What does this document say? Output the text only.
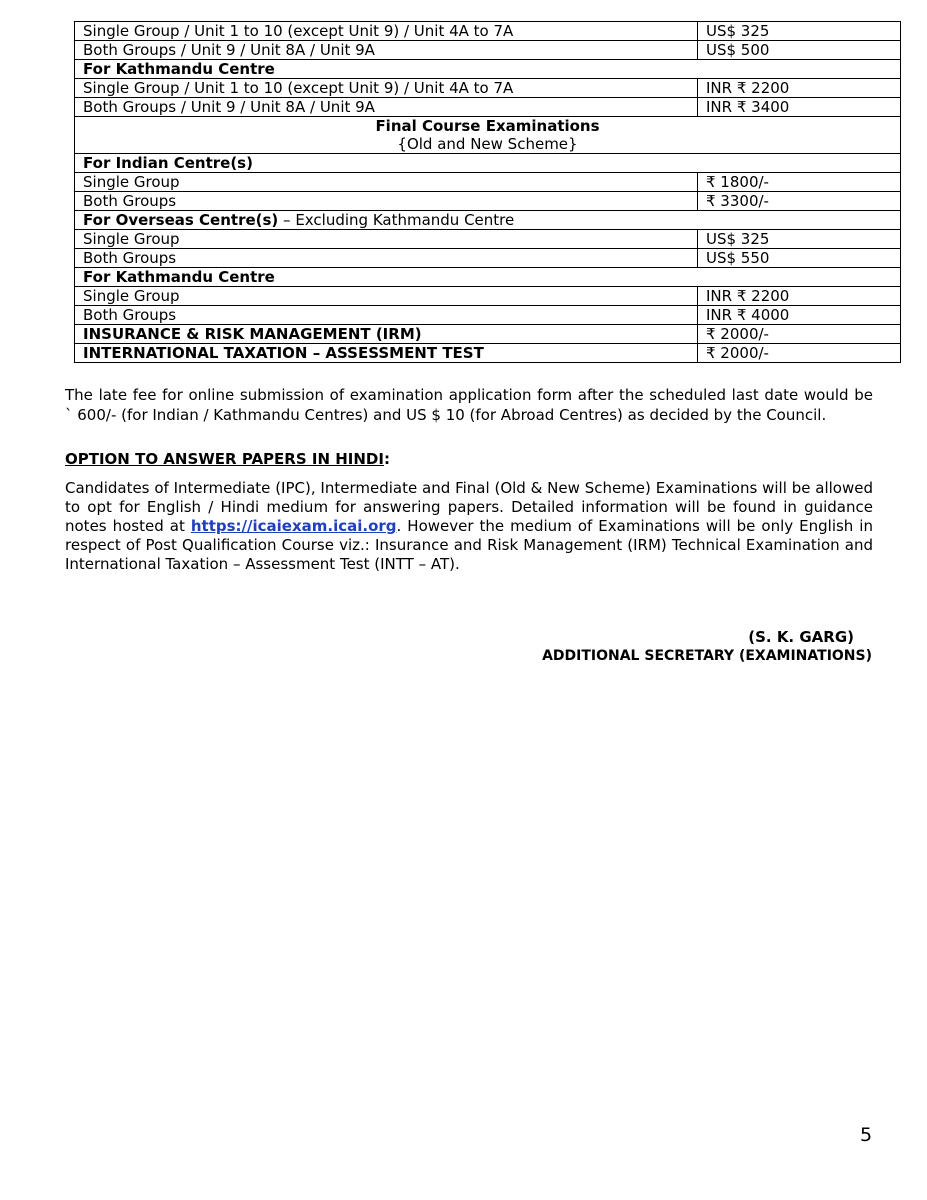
Single Group / Unit 1 to 10 (except Unit 9) / Unit 4A to 7A	US$ 325
Both Groups / Unit 9 / Unit 8A / Unit 9A	US$ 500
For Kathmandu Centre	
Single Group / Unit 1 to 10 (except Unit 9) / Unit 4A to 7A	INR ₹ 2200
Both Groups / Unit 9 / Unit 8A / Unit 9A	INR ₹ 3400

Final Course Examinations
{Old and New Scheme}	

For Indian Centre(s)	
Single Group	₹ 1800/-
Both Groups	₹ 3300/-
For Overseas Centre(s) – Excluding Kathmandu Centre	
Single Group	US$ 325
Both Groups	US$ 550
For Kathmandu Centre	
Single Group	INR ₹ 2200
Both Groups	INR ₹ 4000
INSURANCE & RISK MANAGEMENT (IRM)	₹ 2000/-
INTERNATIONAL TAXATION – ASSESSMENT TEST	₹ 2000/-

The late fee for online submission of examination application form after the scheduled last date would be
` 600/- (for Indian / Kathmandu Centres) and US $ 10 (for Abroad Centres) as decided by the Council.

OPTION TO ANSWER PAPERS IN HINDI:

Candidates of Intermediate (IPC), Intermediate and Final (Old & New Scheme) Examinations will be allowed to opt for English / Hindi medium for answering papers. Detailed information will be found in guidance notes hosted at https://icaiexam.icai.org. However the medium of Examinations will be only English in respect of Post Qualification Course viz.: Insurance and Risk Management (IRM) Technical Examination and International Taxation – Assessment Test (INTT – AT).

(S. K. GARG)
ADDITIONAL SECRETARY (EXAMINATIONS)
5
